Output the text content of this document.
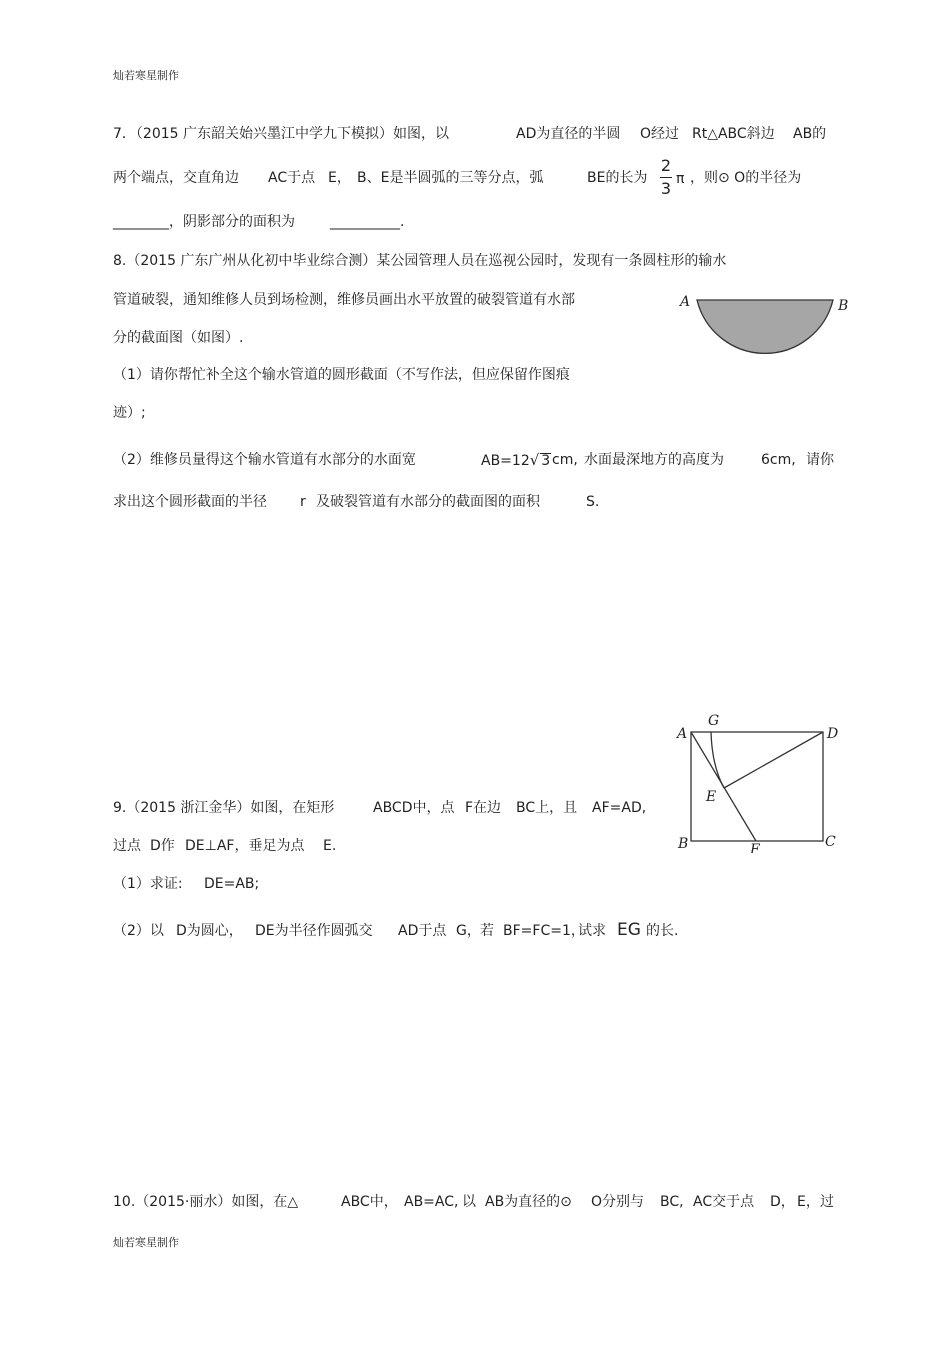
灿若寒星制作
7．（2015 广东韶关始兴墨江中学九下模拟）如图，以	AD为直径的半圆 O经过 Rt△ABC斜边 AB的
两个端点，交直角边 AC于点 E， B、E是半圆弧的三等分点，弧	BE的长为
2
3 π ，则⊙ O的半径为
________，阴影部分的面积为	__________.
8.（2015 广东广州从化初中毕业综合测）某公园管理人员在巡视公园时，发现有一条圆柱形的输水
管道破裂，通知维修人员到场检测，维修员画出水平放置的破裂管道有水部
分的截面图（如图）.
（1）请你帮忙补全这个输水管道的圆形截面（不写作法，但应保留作图痕
迹）;
（2）维修员量得这个输水管道有水部分的水面宽	AB=12√ 3 cm, 水面最深地方的高度为	6cm, 请你
求出这个圆形截面的半径 r 及破裂管道有水部分的截面图的面积	S.
A	B
A
G
D
E
B	F	C
9.（2015 浙江金华）如图，在矩形	ABCD中，点 F在边 BC上，且 AF=AD,
过点 D作 DE⊥AF，垂足为点 E.
（1）求证: DE=AB;
（2）以 D为圆心， DE为半径作圆弧交 AD于点 G， 若 BF=FC=1，
试求 EG 的长.
10.（2015·丽水）如图，在△	ABC中， AB=AC, 以 AB为直径的⊙ O分别与 BC, AC交于点 D， E， 过
灿若寒星制作
